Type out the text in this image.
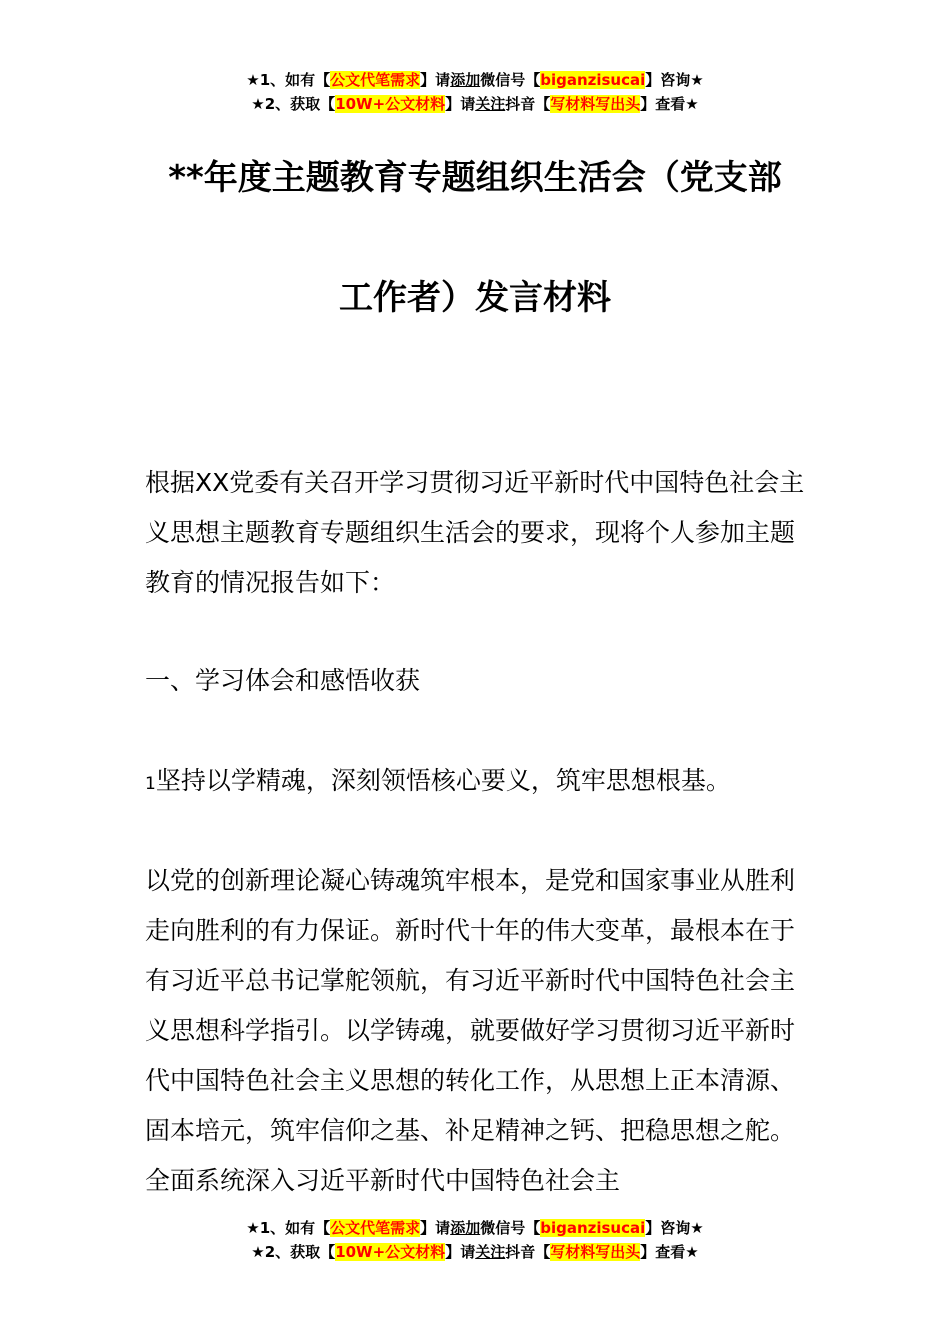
★1、如有【公文代笔需求】请添加微信号【biganzisucai】咨询★
★2、获取【10W+公文材料】请关注抖音【写材料写出头】查看★
**年度主题教育专题组织生活会（党支部
工作者）发言材料

根据XX党委有关召开学习贯彻习近平新时代中国特色社会主义思想主题教育专题组织生活会的要求，现将个人参加主题教育的情况报告如下：

一、学习体会和感悟收获

1坚持以学精魂，深刻领悟核心要义，筑牢思想根基。

以党的创新理论凝心铸魂筑牢根本，是党和国家事业从胜利走向胜利的有力保证。新时代十年的伟大变革，最根本在于有习近平总书记掌舵领航，有习近平新时代中国特色社会主义思想科学指引。以学铸魂，就要做好学习贯彻习近平新时代中国特色社会主义思想的转化工作，从思想上正本清源、固本培元，筑牢信仰之基、补足精神之钙、把稳思想之舵。全面系统深入习近平新时代中国特色社会主

★1、如有【公文代笔需求】请添加微信号【biganzisucai】咨询★
★2、获取【10W+公文材料】请关注抖音【写材料写出头】查看★
